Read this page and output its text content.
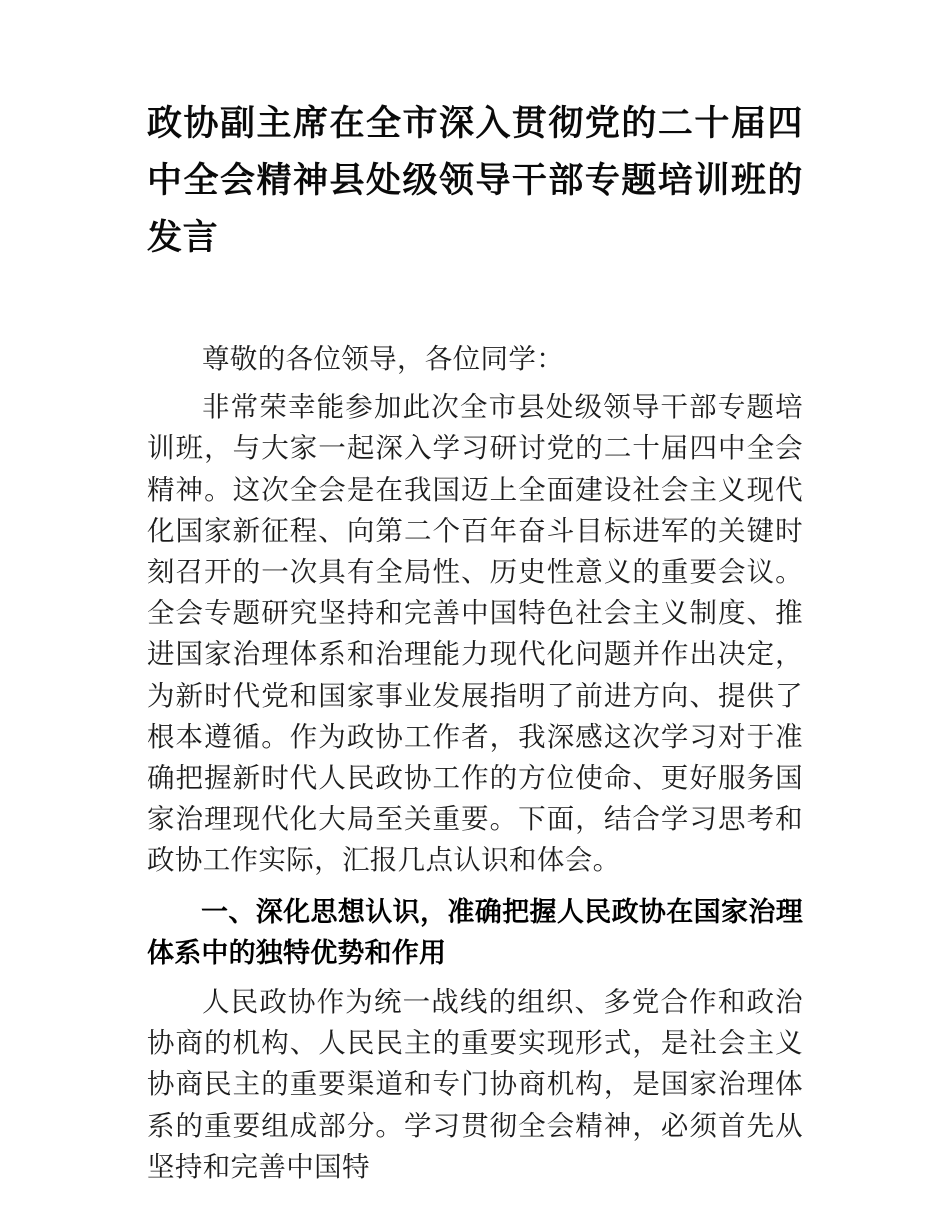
政协副主席在全市深入贯彻党的二十届四中全会精神县处级领导干部专题培训班的发言

尊敬的各位领导，各位同学：

非常荣幸能参加此次全市县处级领导干部专题培训班，与大家一起深入学习研讨党的二十届四中全会精神。这次全会是在我国迈上全面建设社会主义现代化国家新征程、向第二个百年奋斗目标进军的关键时刻召开的一次具有全局性、历史性意义的重要会议。全会专题研究坚持和完善中国特色社会主义制度、推进国家治理体系和治理能力现代化问题并作出决定，为新时代党和国家事业发展指明了前进方向、提供了根本遵循。作为政协工作者，我深感这次学习对于准确把握新时代人民政协工作的方位使命、更好服务国家治理现代化大局至关重要。下面，结合学习思考和政协工作实际，汇报几点认识和体会。

一、深化思想认识，准确把握人民政协在国家治理体系中的独特优势和作用

人民政协作为统一战线的组织、多党合作和政治协商的机构、人民民主的重要实现形式，是社会主义协商民主的重要渠道和专门协商机构，是国家治理体系的重要组成部分。学习贯彻全会精神，必须首先从坚持和完善中国特
